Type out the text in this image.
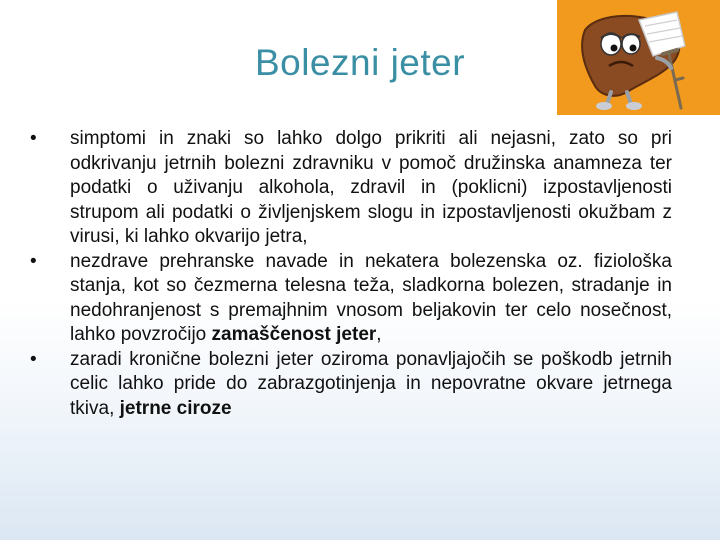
Bolezni jeter
•	simptomi in znaki so lahko dolgo prikriti ali nejasni, zato so pri odkrivanju jetrnih bolezni zdravniku v pomoč družinska anamneza ter podatki o uživanju alkohola, zdravil in (poklicni) izpostavljenosti strupom ali podatki o življenjskem slogu in izpostavljenosti okužbam z virusi, ki lahko okvarijo jetra,
•	nezdrave prehranske navade in nekatera bolezenska oz. fiziološka stanja, kot so čezmerna telesna teža, sladkorna bolezen, stradanje in nedohranjenost s premajhnim vnosom beljakovin ter celo nosečnost, lahko povzročijo zamaščenost jeter,
•	zaradi kronične bolezni jeter oziroma ponavljajočih se poškodb jetrnih celic lahko pride do zabrazgotinjenja in nepovratne okvare jetrnega tkiva, jetrne ciroze
